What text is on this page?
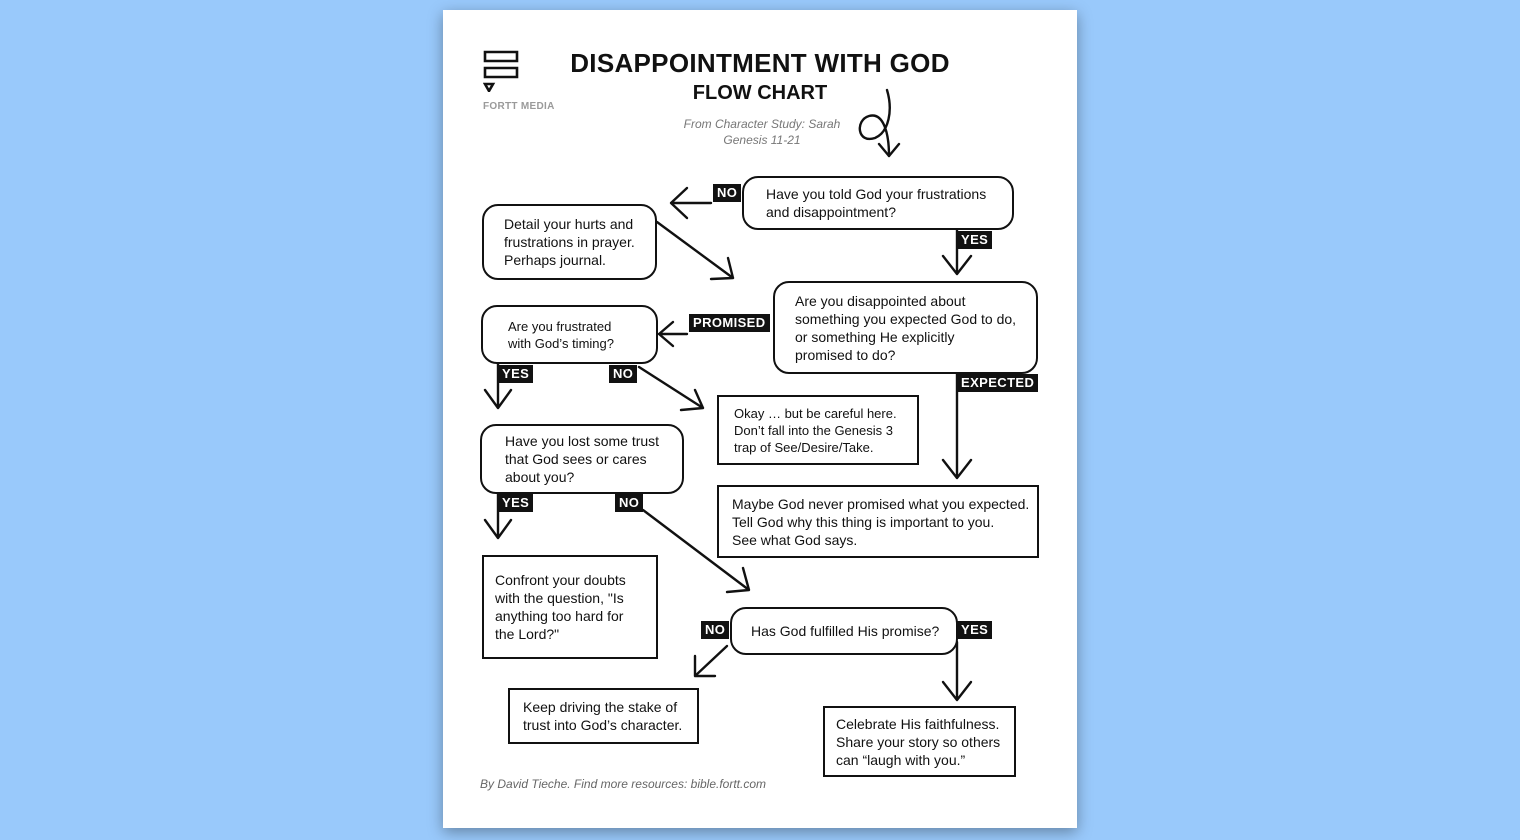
FORTT MEDIA
DISAPPOINTMENT WITH GOD
FLOW CHART
From Character Study: Sarah
Genesis 11-21
Have you told God your frustrations
and disappointment?
Detail your hurts and
frustrations in prayer.
Perhaps journal.
Are you disappointed about
something you expected God to do,
or something He explicitly
promised to do?
Are you frustrated
with God’s timing?
Okay … but be careful here.
Don’t fall into the Genesis 3
trap of See/Desire/Take.
Have you lost some trust
that God sees or cares
about you?
Maybe God never promised what you expected.
Tell God why this thing is important to you.
See what God says.
Confront your doubts
with the question, "Is
anything too hard for
the Lord?"	Has God fulfilled His promise?
Keep driving the stake of
trust into God’s character.	Celebrate His faithfulness.
Share your story so others
can “laugh with you.”
NO
YES
PROMISED
EXPECTED
YES	NO
YES	NO
NO	YES
By David Tieche. Find more resources: bible.fortt.com
